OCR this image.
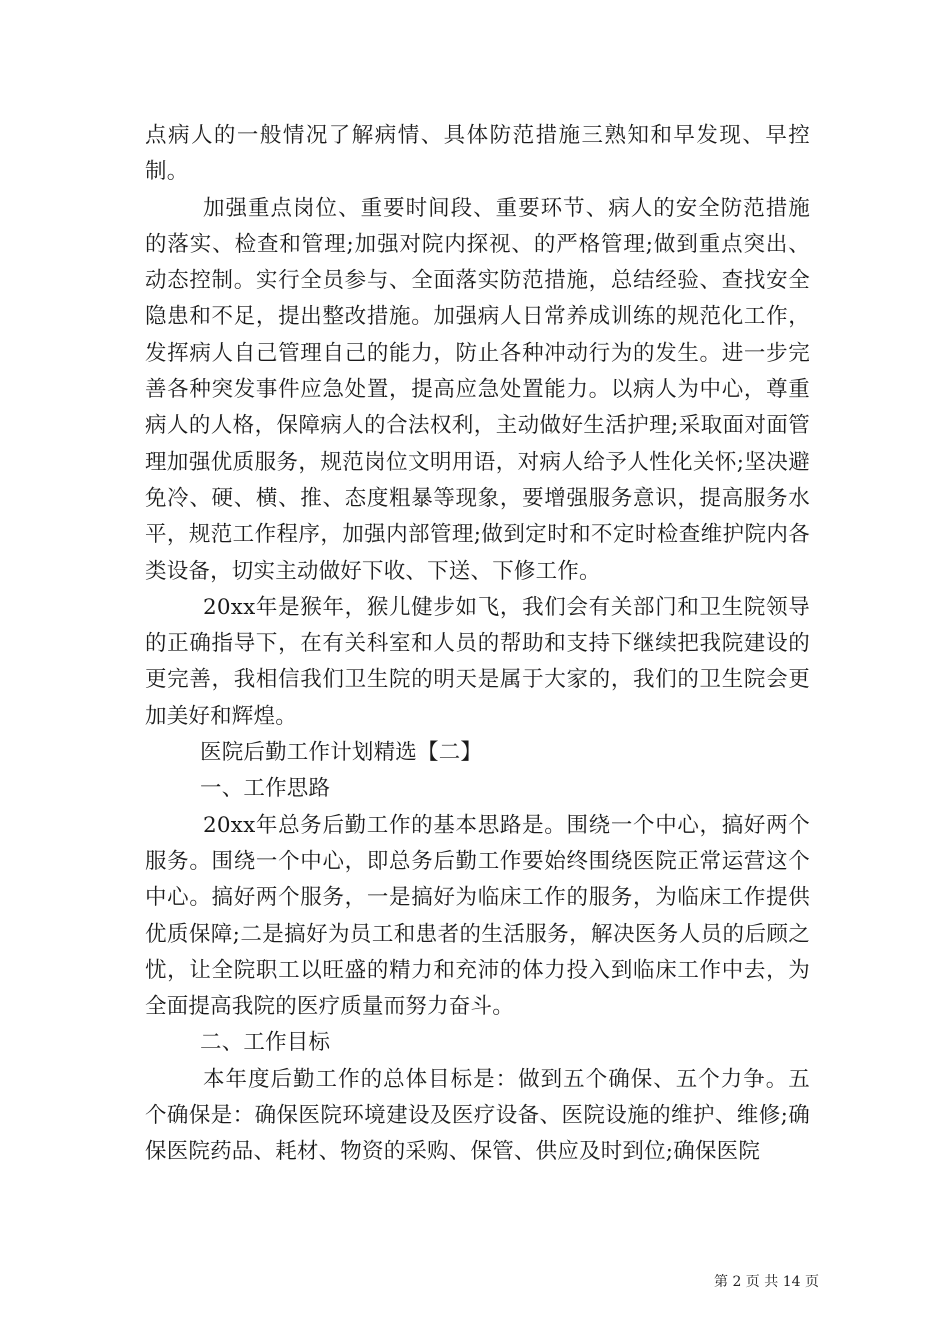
点病人的一般情况了解病情、具体防范措施三熟知和早发现、早控制。

加强重点岗位、重要时间段、重要环节、病人的安全防范措施的落实、检查和管理;加强对院内探视、的严格管理;做到重点突出、动态控制。实行全员参与、全面落实防范措施，总结经验、查找安全隐患和不足，提出整改措施。加强病人日常养成训练的规范化工作，发挥病人自己管理自己的能力，防止各种冲动行为的发生。进一步完善各种突发事件应急处置，提高应急处置能力。以病人为中心，尊重病人的人格，保障病人的合法权利，主动做好生活护理;采取面对面管理加强优质服务，规范岗位文明用语，对病人给予人性化关怀;坚决避免冷、硬、横、推、态度粗暴等现象，要增强服务意识，提高服务水平，规范工作程序，加强内部管理;做到定时和不定时检查维护院内各类设备，切实主动做好下收、下送、下修工作。

20xx年是猴年，猴儿健步如飞，我们会有关部门和卫生院领导的正确指导下，在有关科室和人员的帮助和支持下继续把我院建设的更完善，我相信我们卫生院的明天是属于大家的，我们的卫生院会更加美好和辉煌。

医院后勤工作计划精选【二】

一、工作思路

20xx年总务后勤工作的基本思路是。围绕一个中心，搞好两个服务。围绕一个中心，即总务后勤工作要始终围绕医院正常运营这个中心。搞好两个服务，一是搞好为临床工作的服务，为临床工作提供优质保障;二是搞好为员工和患者的生活服务，解决医务人员的后顾之忧，让全院职工以旺盛的精力和充沛的体力投入到临床工作中去，为全面提高我院的医疗质量而努力奋斗。

二、工作目标

本年度后勤工作的总体目标是：做到五个确保、五个力争。五个确保是：确保医院环境建设及医疗设备、医院设施的维护、维修;确保医院药品、耗材、物资的采购、保管、供应及时到位;确保医院

第 2 页 共 14 页
